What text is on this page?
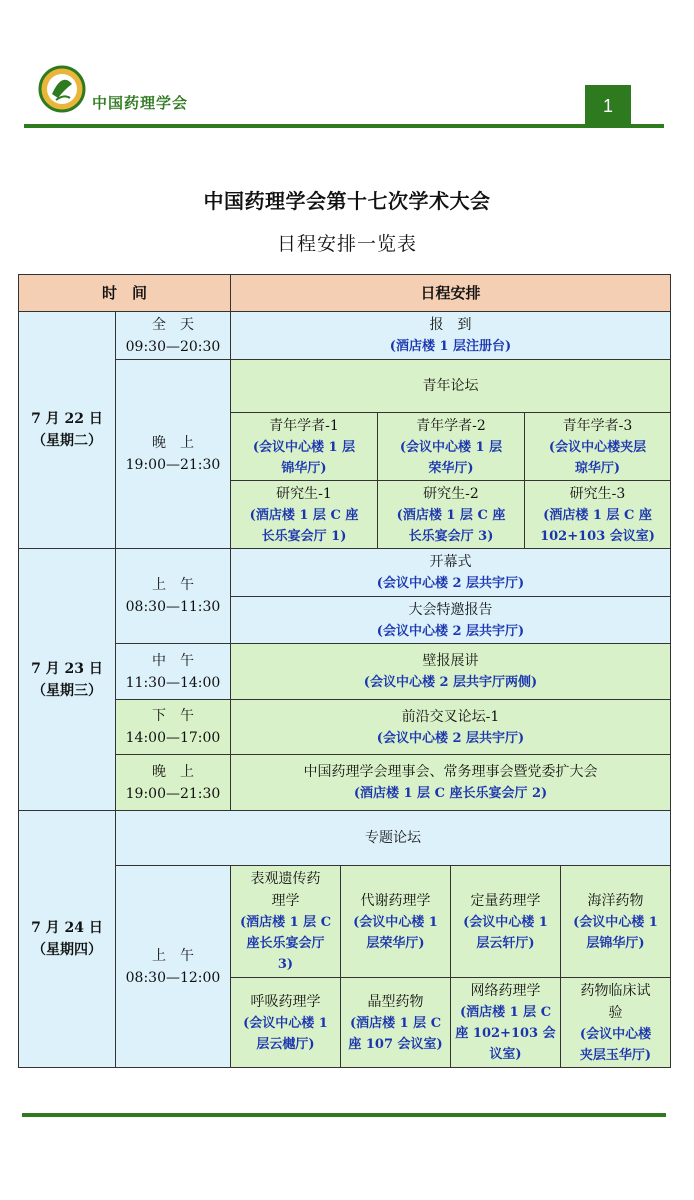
中国药理学会	1
中国药理学会第十七次学术大会
日程安排一览表
时　间	日程安排
7 月 22 日
（星期二）
全　天
09:30—20:30
报　到
(酒店楼 1 层注册台)
晚　上
19:00—21:30
青年论坛
青年学者-1
(会议中心楼 1 层
锦华厅)
青年学者-2
(会议中心楼 1 层
荣华厅)
青年学者-3
(会议中心楼夹层
琼华厅)
研究生-1
(酒店楼 1 层 C 座
长乐宴会厅 1)
研究生-2
(酒店楼 1 层 C 座
长乐宴会厅 3)
研究生-3
(酒店楼 1 层 C 座
102+103 会议室)
7 月 23 日
（星期三）
上　午
08:30—11:30
开幕式
(会议中心楼 2 层共宇厅)
大会特邀报告
(会议中心楼 2 层共宇厅)
中　午
11:30—14:00
壁报展讲
(会议中心楼 2 层共宇厅两侧)
下　午
14:00—17:00
前沿交叉论坛-1
(会议中心楼 2 层共宇厅)
晚　上
19:00—21:30
中国药理学会理事会、常务理事会暨党委扩大会
(酒店楼 1 层 C 座长乐宴会厅 2)
7 月 24 日
（星期四）
专题论坛
上　午
08:30—12:00
表观遗传药
理学
(酒店楼 1 层 C
座长乐宴会厅
3)
代谢药理学
(会议中心楼 1
层荣华厅)
定量药理学
(会议中心楼 1
层云轩厅)
海洋药物
(会议中心楼 1
层锦华厅)
呼吸药理学
(会议中心楼 1
层云樾厅)
晶型药物
(酒店楼 1 层 C
座 107 会议室)
网络药理学
(酒店楼 1 层 C
座 102+103 会
议室)
药物临床试
验
(会议中心楼
夹层玉华厅)
